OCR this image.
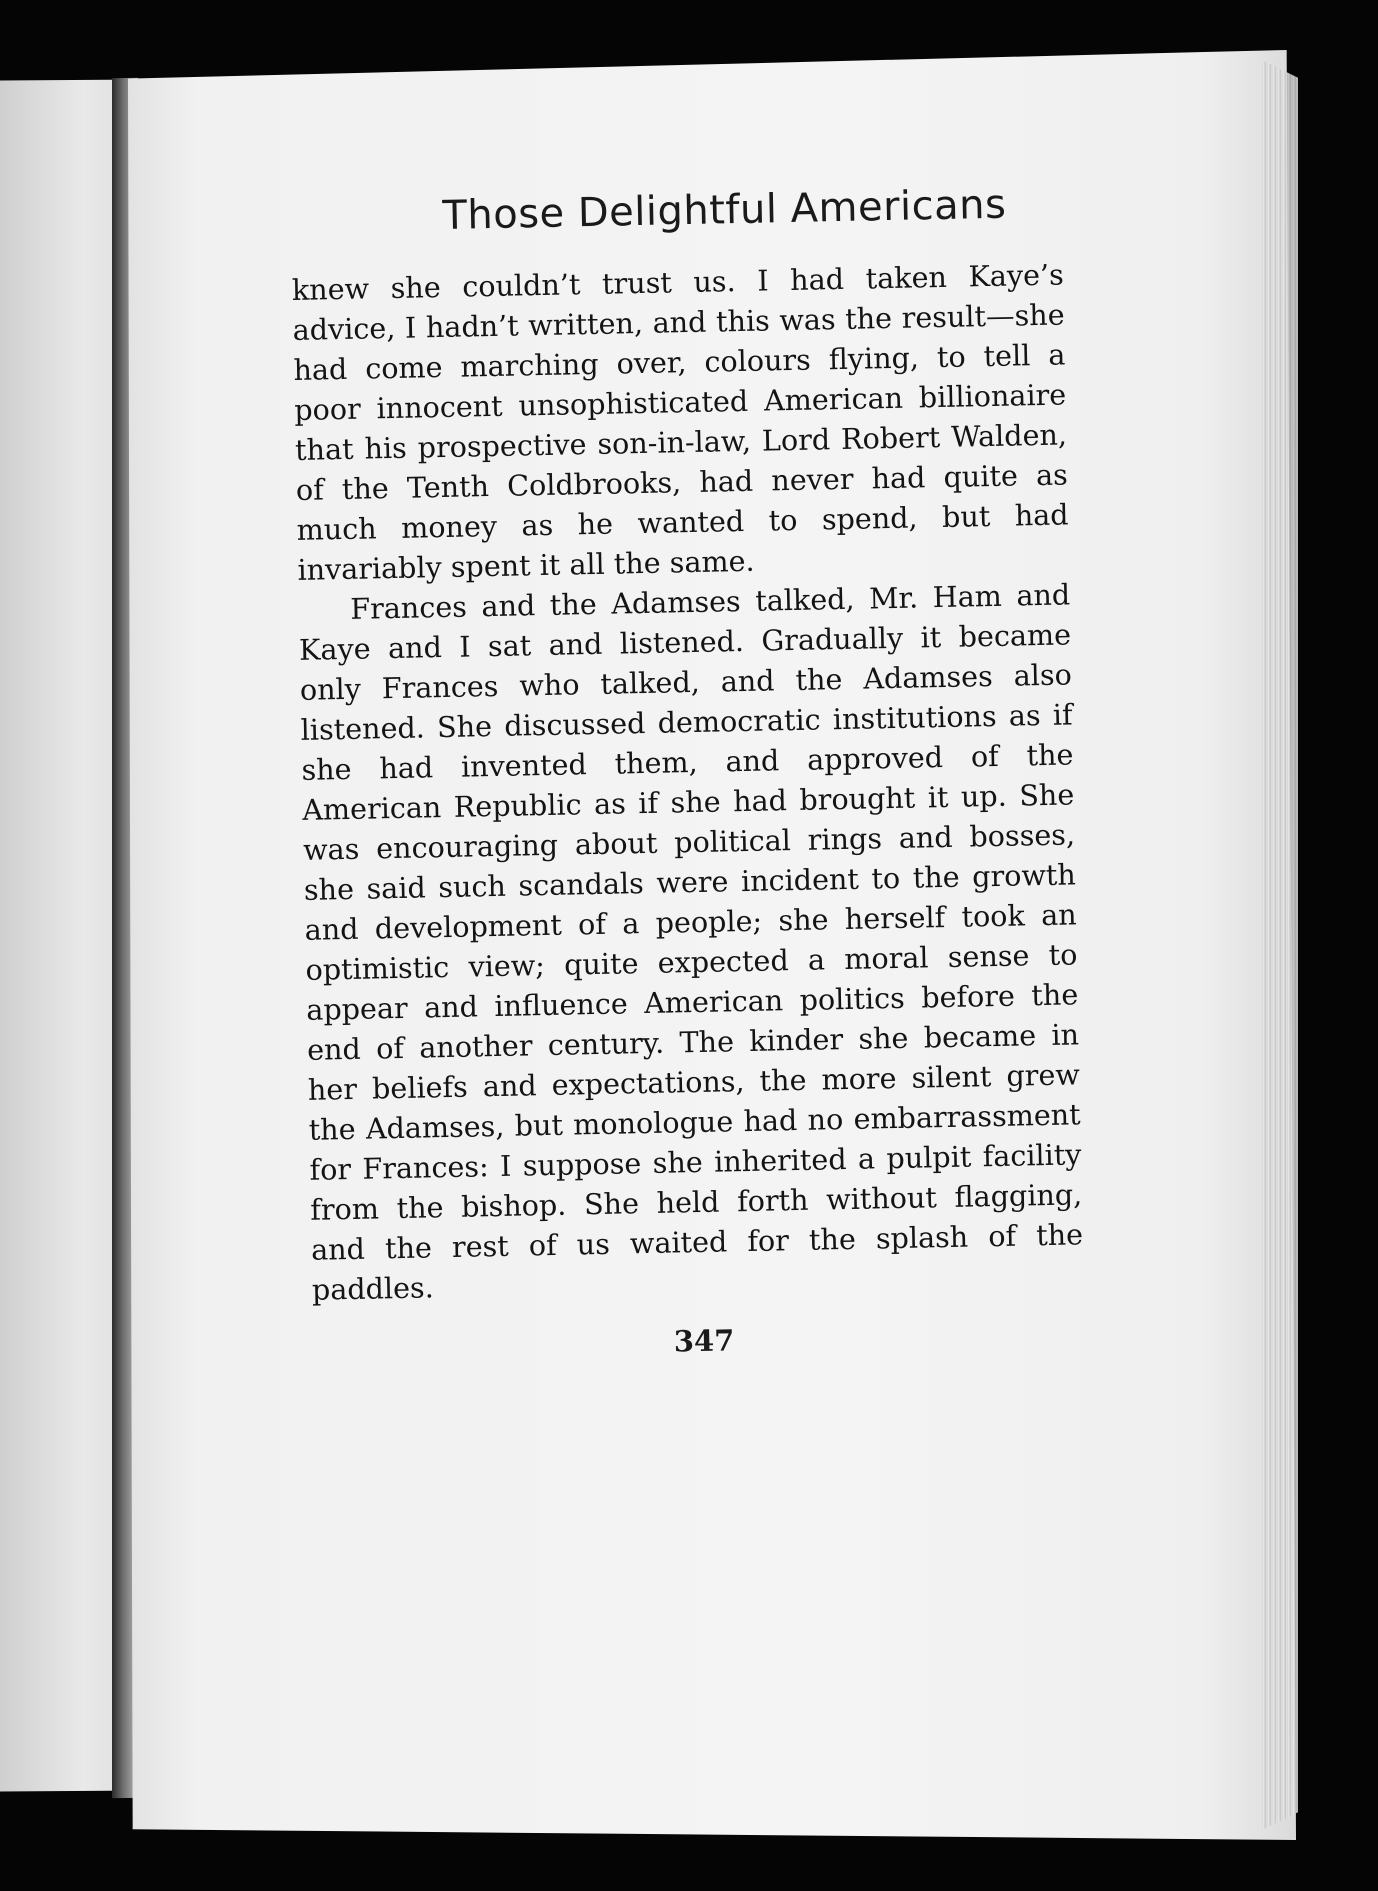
Those Delightful Americans

knew she couldn’t trust us. I had taken Kaye’s advice, I hadn’t written, and this was the result—she had come marching over, colours flying, to tell a poor innocent unsophisticated American billionaire that his prospective son-in-law, Lord Robert Walden, of the Tenth Coldbrooks, had never had quite as much money as he wanted to spend, but had invariably spent it all the same.

Frances and the Adamses talked, Mr. Ham and Kaye and I sat and listened. Gradually it became only Frances who talked, and the Adamses also listened. She discussed democratic institutions as if she had invented them, and approved of the American Republic as if she had brought it up. She was encouraging about political rings and bosses, she said such scandals were incident to the growth and development of a people; she herself took an optimistic view; quite expected a moral sense to appear and influence American politics before the end of another century. The kinder she became in her beliefs and expectations, the more silent grew the Adamses, but monologue had no embarrassment for Frances: I suppose she inherited a pulpit facility from the bishop. She held forth without flagging, and the rest of us waited for the splash of the paddles.

347
